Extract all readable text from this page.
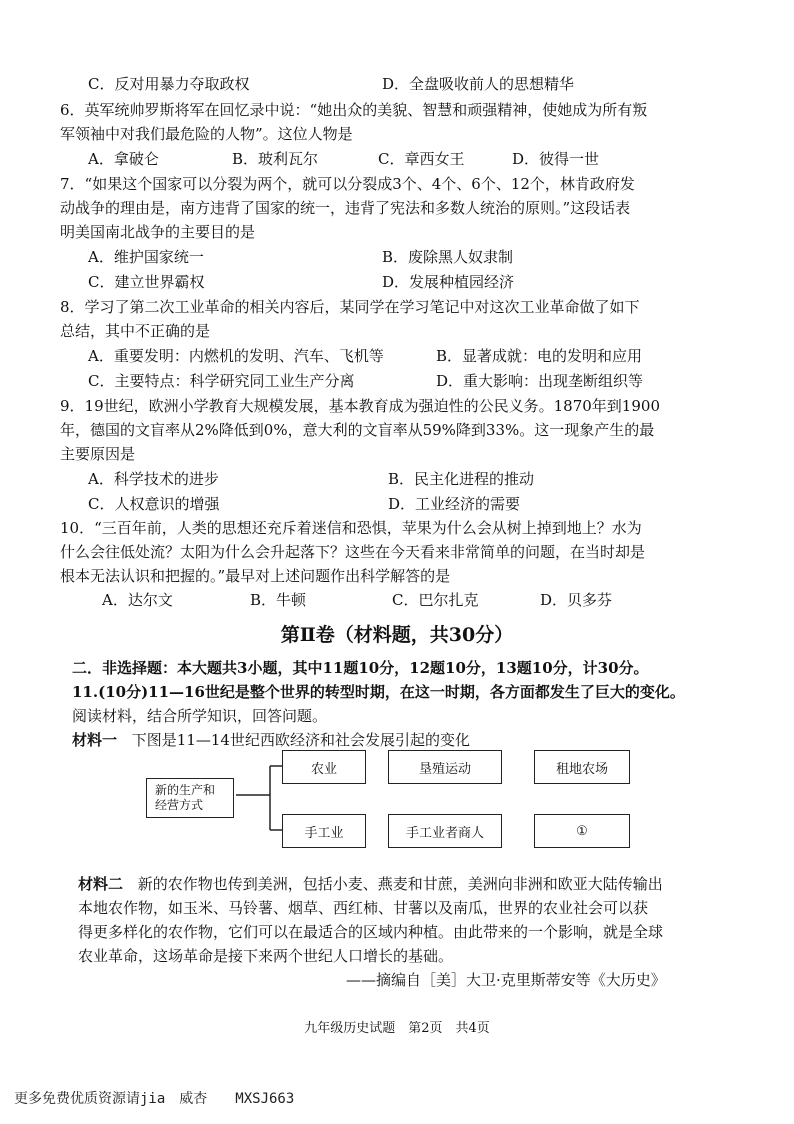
C．反对用暴力夺取政权	D．全盘吸收前人的思想精华
6．英军统帅罗斯将军在回忆录中说：“她出众的美貌、智慧和顽强精神，使她成为所有叛
军领袖中对我们最危险的人物”。这位人物是
A．拿破仑	B．玻利瓦尔	C．章西女王	D．彼得一世
7．“如果这个国家可以分裂为两个，就可以分裂成3个、4个、6个、12个，林肯政府发
动战争的理由是，南方违背了国家的统一，违背了宪法和多数人统治的原则。”这段话表
明美国南北战争的主要目的是
A．维护国家统一	B．废除黑人奴隶制
C．建立世界霸权	D．发展种植园经济
8．学习了第二次工业革命的相关内容后，某同学在学习笔记中对这次工业革命做了如下
总结，其中不正确的是
A．重要发明：内燃机的发明、汽车、飞机等	B．显著成就：电的发明和应用
C．主要特点：科学研究同工业生产分离	D．重大影响：出现垄断组织等
9．19世纪，欧洲小学教育大规模发展，基本教育成为强迫性的公民义务。1870年到1900
年，德国的文盲率从2%降低到0%，意大利的文盲率从59%降到33%。这一现象产生的最
主要原因是
A．科学技术的进步	B．民主化进程的推动
C．人权意识的增强	D．工业经济的需要
10．“三百年前，人类的思想还充斥着迷信和恐惧，苹果为什么会从树上掉到地上？水为
什么会往低处流？太阳为什么会升起落下？这些在今天看来非常简单的问题，在当时却是
根本无法认识和把握的。”最早对上述问题作出科学解答的是
A．达尔文	B．牛顿	C．巴尔扎克	D．贝多芬
第Ⅱ卷（材料题，共30分）
二．非选择题：本大题共3小题，其中11题10分，12题10分，13题10分，计30分。
11.(10分)11—16世纪是整个世界的转型时期，在这一时期，各方面都发生了巨大的变化。
阅读材料，结合所学知识，回答问题。
材料一 下图是11—14世纪西欧经济和社会发展引起的变化
新的生产和
经营方式
农业	垦殖运动	租地农场
手工业	手工业者商人	①
材料二 新的农作物也传到美洲，包括小麦、燕麦和甘蔗，美洲向非洲和欧亚大陆传输出
本地农作物，如玉米、马铃薯、烟草、西红柿、甘薯以及南瓜，世界的农业社会可以获
得更多样化的农作物，它们可以在最适合的区域内种植。由此带来的一个影响，就是全球
农业革命，这场革命是接下来两个世纪人口增长的基础。
——摘编自［美］大卫·克里斯蒂安等《大历史》
九年级历史试题　第2页　共4页
更多免费优质资源请jia　威杏　　MXSJ663
